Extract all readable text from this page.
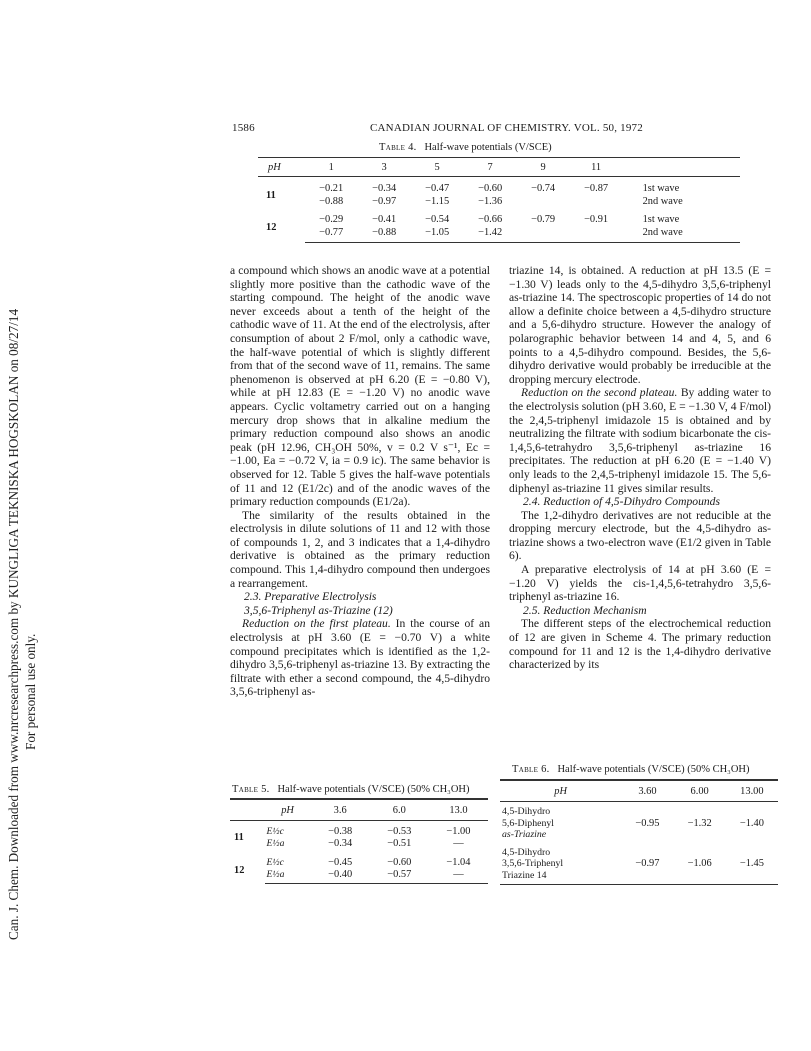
Can. J. Chem. Downloaded from www.nrcresearchpress.com by KUNGLIGA TEKNISKA HOGSKOLAN on 08/27/14 For personal use only.
1586	CANADIAN JOURNAL OF CHEMISTRY. VOL. 50, 1972
Table 4. Half-wave potentials (V/SCE)
pH	1	3	5	7	9	11	
11	−0.21	−0.34	−0.47	−0.60	−0.74	−0.87	1st wave
	−0.88	−0.97	−1.15	−1.36			2nd wave
12	−0.29	−0.41	−0.54	−0.66	−0.79	−0.91	1st wave
	−0.77	−0.88	−1.05	−1.42			2nd wave

a compound which shows an anodic wave at a potential slightly more positive than the cathodic wave of the starting compound. The height of the anodic wave never exceeds about a tenth of the height of the cathodic wave of 11. At the end of the electrolysis, after consumption of about 2 F/mol, only a cathodic wave, the half-wave potential of which is slightly different from that of the second wave of 11, remains. The same phenomenon is observed at pH 6.20 (E = −0.80 V), while at pH 12.83 (E = −1.20 V) no anodic wave appears. Cyclic voltametry carried out on a hanging mercury drop shows that in alkaline medium the primary reduction compound also shows an anodic peak (pH 12.96, CH₃OH 50%, v = 0.2 V s⁻¹, Ec = −1.00, Ea = −0.72 V, ia = 0.9 ic). The same behavior is observed for 12. Table 5 gives the half-wave potentials of 11 and 12 (E1/2c) and of the anodic waves of the primary reduction compounds (E1/2a).

The similarity of the results obtained in the electrolysis in dilute solutions of 11 and 12 with those of compounds 1, 2, and 3 indicates that a 1,4-dihydro derivative is obtained as the primary reduction compound. This 1,4-dihydro compound then undergoes a rearrangement.

2.3. Preparative Electrolysis

3,5,6-Triphenyl as-Triazine (12)

Reduction on the first plateau. In the course of an electrolysis at pH 3.60 (E = −0.70 V) a white compound precipitates which is identified as the 1,2-dihydro 3,5,6-triphenyl as-triazine 13. By extracting the filtrate with ether a second compound, the 4,5-dihydro 3,5,6-triphenyl as-

triazine 14, is obtained. A reduction at pH 13.5 (E = −1.30 V) leads only to the 4,5-dihydro 3,5,6-triphenyl as-triazine 14. The spectroscopic properties of 14 do not allow a definite choice between a 4,5-dihydro structure and a 5,6-dihydro structure. However the analogy of polarographic behavior between 14 and 4, 5, and 6 points to a 4,5-dihydro compound. Besides, the 5,6-dihydro derivative would probably be irreducible at the dropping mercury electrode.

Reduction on the second plateau. By adding water to the electrolysis solution (pH 3.60, E = −1.30 V, 4 F/mol) the 2,4,5-triphenyl imidazole 15 is obtained and by neutralizing the filtrate with sodium bicarbonate the cis-1,4,5,6-tetrahydro 3,5,6-triphenyl as-triazine 16 precipitates. The reduction at pH 6.20 (E = −1.40 V) only leads to the 2,4,5-triphenyl imidazole 15. The 5,6-diphenyl as-triazine 11 gives similar results.

2.4. Reduction of 4,5-Dihydro Compounds

The 1,2-dihydro derivatives are not reducible at the dropping mercury electrode, but the 4,5-dihydro as-triazine shows a two-electron wave (E1/2 given in Table 6).

A preparative electrolysis of 14 at pH 3.60 (E = −1.20 V) yields the cis-1,4,5,6-tetrahydro 3,5,6-triphenyl as-triazine 16.

2.5. Reduction Mechanism

The different steps of the electrochemical reduction of 12 are given in Scheme 4. The primary reduction compound for 11 and 12 is the 1,4-dihydro derivative characterized by its

Table 5. Half-wave potentials (V/SCE) (50% CH₃OH)
	pH	3.6	6.0	13.0
11	E½c	−0.38	−0.53	−1.00
	E½a	−0.34	−0.51	—
12	E½c	−0.45	−0.60	−1.04
	E½a	−0.40	−0.57	—
Table 6. Half-wave potentials (V/SCE) (50% CH₃OH)
pH	3.60	6.00	13.00

4,5-Dihydro
5,6-Diphenyl
as-Triazine	−0.95	−1.32	−1.40

4,5-Dihydro
3,5,6-Triphenyl
Triazine 14	−0.97	−1.06	−1.45
